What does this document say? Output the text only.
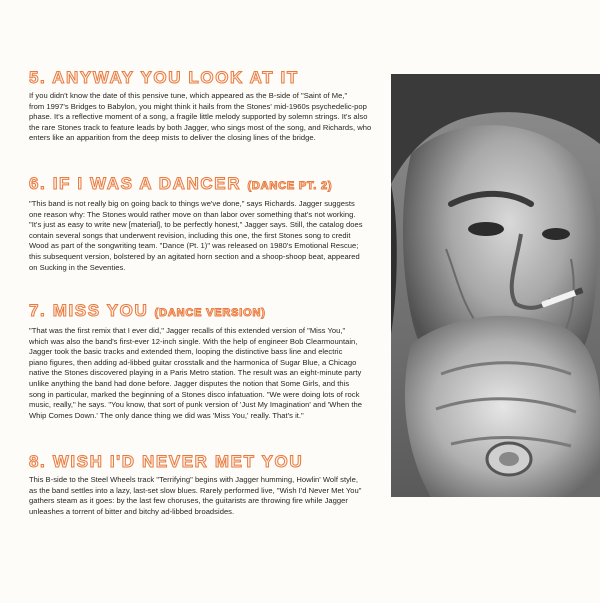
5. ANYWAY YOU LOOK AT IT
If you didn't know the date of this pensive tune, which appeared as the B-side of "Saint of Me,"
from 1997's Bridges to Babylon, you might think it hails from the Stones' mid-1960s psychedelic-pop
phase. It's a reflective moment of a song, a fragile little melody supported by solemn strings. It's also
the rare Stones track to feature leads by both Jagger, who sings most of the song, and Richards, who
enters like an apparition from the deep mists to deliver the closing lines of the bridge.
6. IF I WAS A DANCER (DANCE PT. 2)
"This band is not really big on going back to things we've done," says Richards. Jagger suggests
one reason why: The Stones would rather move on than labor over something that's not working.
"It's just as easy to write new [material], to be perfectly honest," Jagger says. Still, the catalog does
contain several songs that underwent revision, including this one, the first Stones song to credit
Wood as part of the songwriting team. "Dance (Pt. 1)" was released on 1980's Emotional Rescue;
this subsequent version, bolstered by an agitated horn section and a shoop-shoop beat, appeared
on Sucking in the Seventies.
7. MISS YOU (DANCE VERSION)
"That was the first remix that I ever did," Jagger recalls of this extended version of "Miss You,"
which was also the band's first-ever 12-inch single. With the help of engineer Bob Clearmountain,
Jagger took the basic tracks and extended them, looping the distinctive bass line and electric
piano figures, then adding ad-libbed guitar crosstalk and the harmonica of Sugar Blue, a Chicago
native the Stones discovered playing in a Paris Metro station. The result was an eight-minute party
unlike anything the band had done before. Jagger disputes the notion that Some Girls, and this
song in particular, marked the beginning of a Stones disco infatuation. "We were doing lots of rock
music, really," he says. "You know, that sort of punk version of 'Just My Imagination' and 'When the
Whip Comes Down.' The only dance thing we did was 'Miss You,' really. That's it."
8. WISH I'D NEVER MET YOU
This B-side to the Steel Wheels track "Terrifying" begins with Jagger humming, Howlin' Wolf style,
as the band settles into a lazy, last-set slow blues. Rarely performed live, "Wish I'd Never Met You"
gathers steam as it goes: by the last few choruses, the guitarists are throwing fire while Jagger
unleashes a torrent of bitter and bitchy ad-libbed broadsides.
